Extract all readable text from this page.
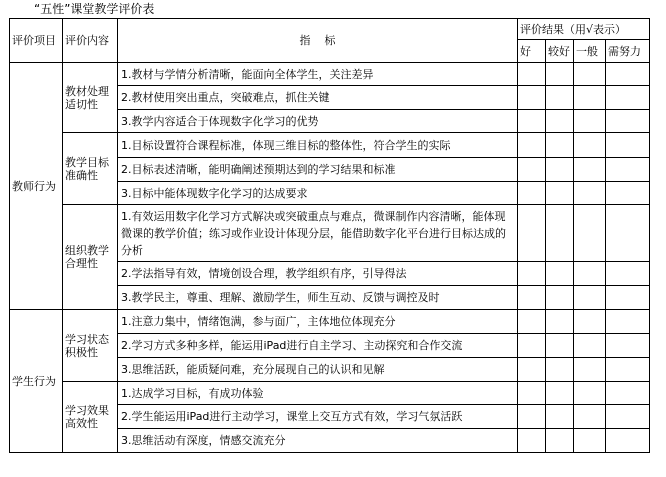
“五性”课堂教学评价表
评价项目	评价内容	指    标	评价结果（用√表示）			
			好	较好	一般	需努力
教师行为	教材处理适切性	1.教材与学情分析清晰，能面向全体学生，关注差异				
		2.教材使用突出重点，突破难点，抓住关键				
		3.教学内容适合于体现数字化学习的优势				
	教学目标准确性	1.目标设置符合课程标准，体现三维目标的整体性，符合学生的实际				
		2.目标表述清晰，能明确阐述预期达到的学习结果和标准				
		3.目标中能体现数字化学习的达成要求				
	组织教学合理性	1.有效运用数字化学习方式解决或突破重点与难点，微课制作内容清晰，能体现微课的教学价值；练习或作业设计体现分层，能借助数字化平台进行目标达成的分析				
		2.学法指导有效，情境创设合理，教学组织有序，引导得法				
		3.教学民主，尊重、理解、激励学生，师生互动、反馈与调控及时				
学生行为	学习状态积极性	1.注意力集中，情绪饱满，参与面广，主体地位体现充分				
		2.学习方式多种多样，能运用iPad进行自主学习、主动探究和合作交流				
		3.思维活跃，能质疑问难，充分展现自己的认识和见解				
	学习效果高效性	1.达成学习目标，有成功体验				
		2.学生能运用iPad进行主动学习，课堂上交互方式有效，学习气氛活跃				
		3.思维活动有深度，情感交流充分				
